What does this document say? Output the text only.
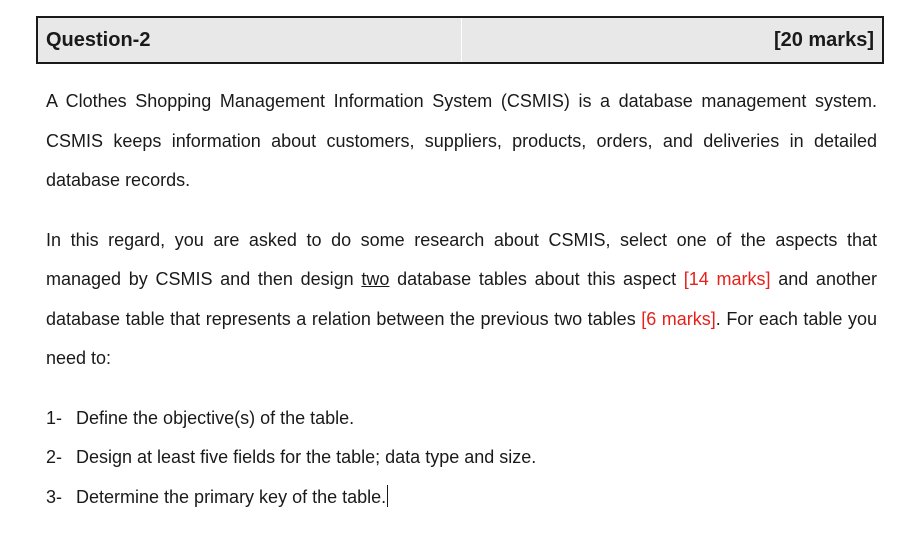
Question-2	[20 marks]

A Clothes Shopping Management Information System (CSMIS) is a database management system. CSMIS keeps information about customers, suppliers, products, orders, and deliveries in detailed database records.

In this regard, you are asked to do some research about CSMIS, select one of the aspects that managed by CSMIS and then design two database tables about this aspect [14 marks] and another database table that represents a relation between the previous two tables [6 marks]. For each table you need to:

1- Define the objective(s) of the table.
2- Design at least five fields for the table; data type and size.
3- Determine the primary key of the table.
